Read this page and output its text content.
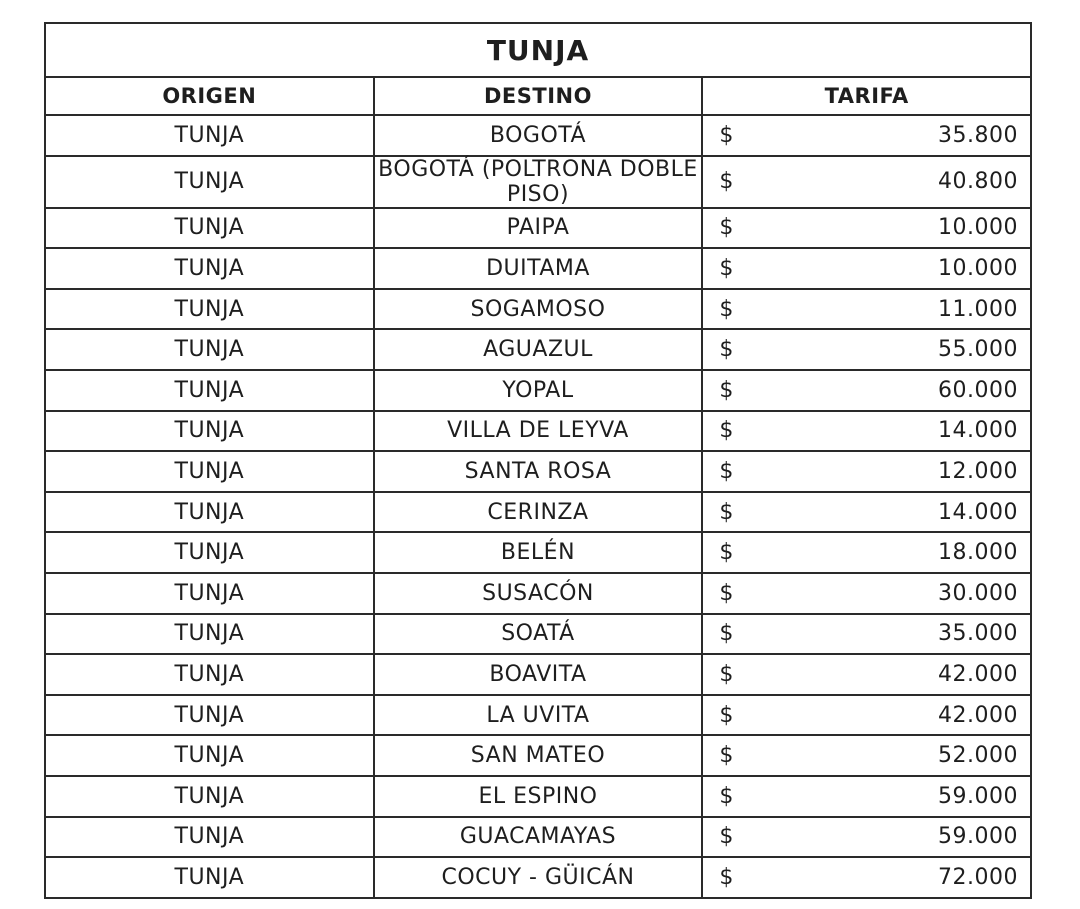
TUNJA		
ORIGEN	DESTINO	TARIFA
TUNJA	BOGOTÁ	$ 35.800

TUNJA	BOGOTÁ (POLTRONA DOBLE PISO)	$ 40.800

TUNJA	PAIPA	$ 10.000

TUNJA	DUITAMA	$ 10.000

TUNJA	SOGAMOSO	$ 11.000

TUNJA	AGUAZUL	$ 55.000

TUNJA	YOPAL	$ 60.000

TUNJA	VILLA DE LEYVA	$ 14.000

TUNJA	SANTA ROSA	$ 12.000

TUNJA	CERINZA	$ 14.000

TUNJA	BELÉN	$ 18.000

TUNJA	SUSACÓN	$ 30.000

TUNJA	SOATÁ	$ 35.000

TUNJA	BOAVITA	$ 42.000

TUNJA	LA UVITA	$ 42.000

TUNJA	SAN MATEO	$ 52.000

TUNJA	EL ESPINO	$ 59.000

TUNJA	GUACAMAYAS	$ 59.000

TUNJA	COCUY - GÜICÁN	$ 72.000
